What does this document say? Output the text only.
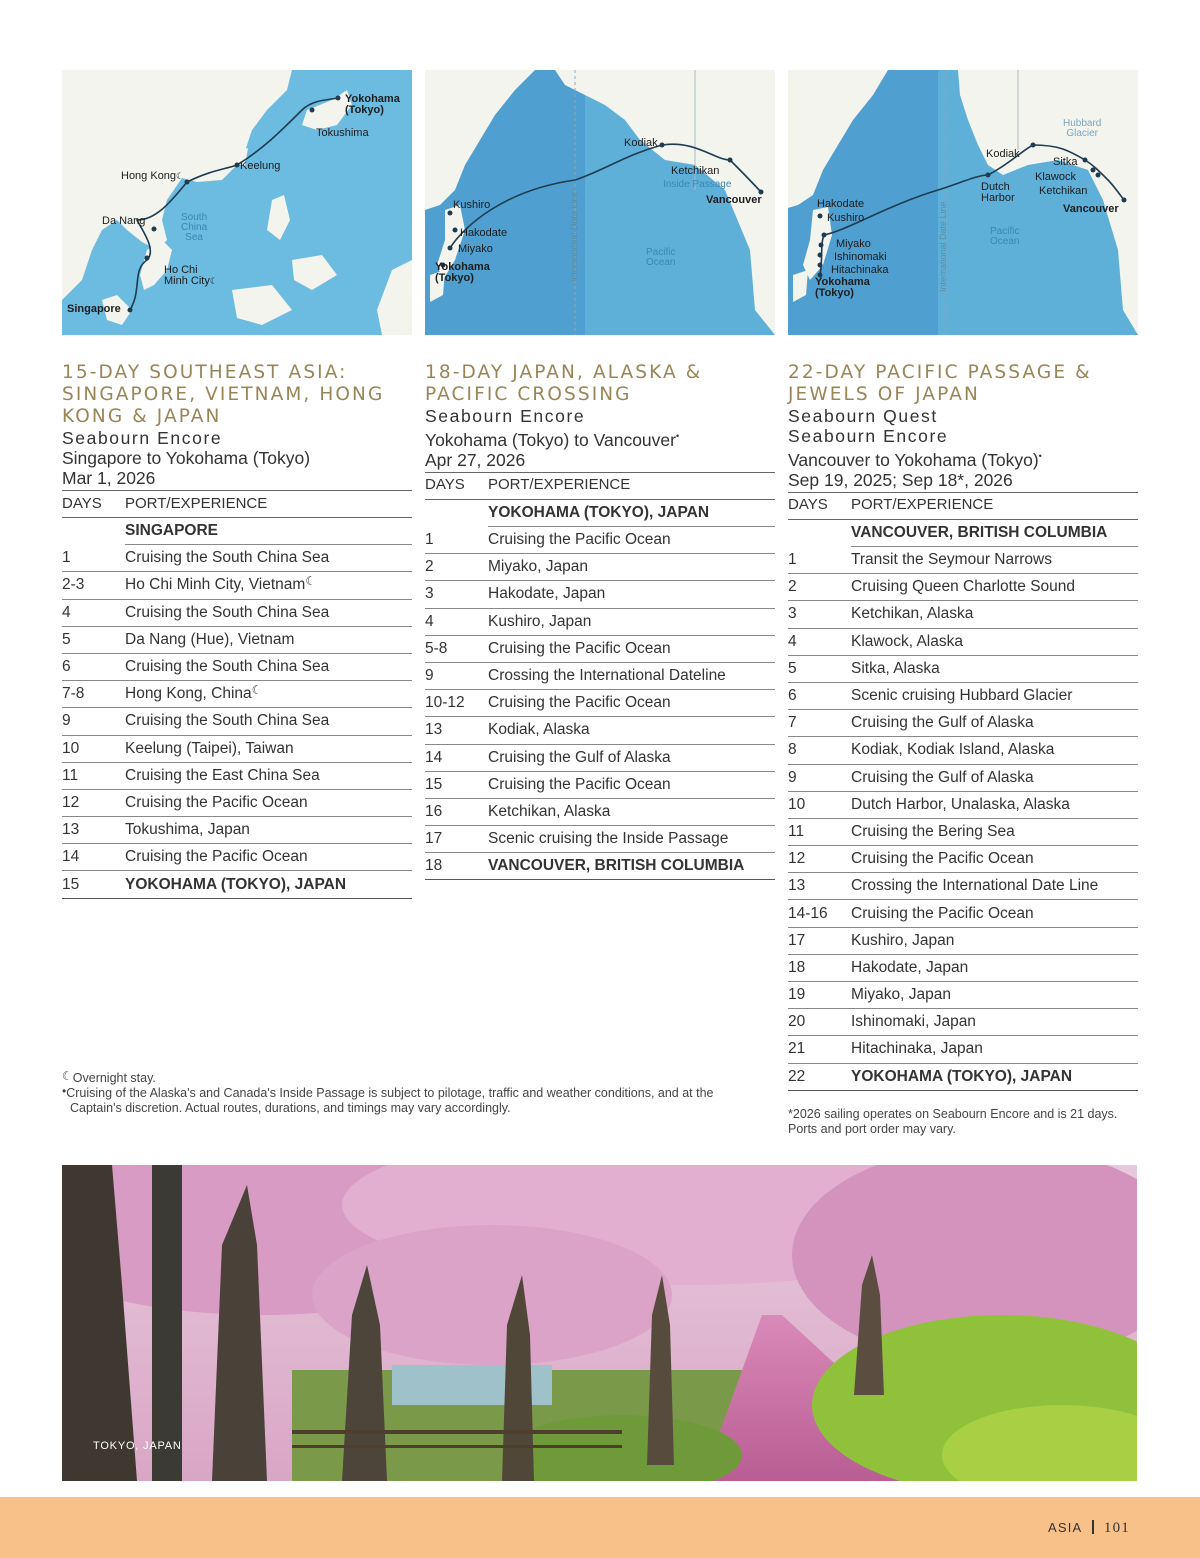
Yokohama
(Tokyo)
Tokushima
Keelung
Hong Kong☾
Da Nang	South
China
Sea
Ho Chi
Minh City☾
Singapore
Kodiak
Ketchikan
Inside Passage
Vancouver
Kushiro
Hakodate
Miyako
Yokohama
(Tokyo)	International Date Line	Pacific
Ocean
Hubbard
Glacier
Kodiak
Sitka
Klawock
Ketchikan
Dutch
Harbor
Vancouver
Hakodate
Kushiro
Miyako
Ishinomaki
Hitachinaka
Yokohama
(Tokyo)
International Date Line	Pacific
Ocean
15-DAY SOUTHEAST ASIA: SINGAPORE, VIETNAM, HONG KONG & JAPAN
Seabourn Encore
Singapore to Yokohama (Tokyo)
Mar 1, 2026
DAYS	PORT/EXPERIENCE
	SINGAPORE
1	Cruising the South China Sea
2-3	Ho Chi Minh City, Vietnam☾
4	Cruising the South China Sea
5	Da Nang (Hue), Vietnam
6	Cruising the South China Sea
7-8	Hong Kong, China☾
9	Cruising the South China Sea
10	Keelung (Taipei), Taiwan
11	Cruising the East China Sea
12	Cruising the Pacific Ocean
13	Tokushima, Japan
14	Cruising the Pacific Ocean
15	YOKOHAMA (TOKYO), JAPAN
18-DAY JAPAN, ALASKA & PACIFIC CROSSING
Seabourn Encore
Yokohama (Tokyo) to Vancouver•
Apr 27, 2026
DAYS	PORT/EXPERIENCE
	YOKOHAMA (TOKYO), JAPAN
1	Cruising the Pacific Ocean
2	Miyako, Japan
3	Hakodate, Japan
4	Kushiro, Japan
5-8	Cruising the Pacific Ocean
9	Crossing the International Dateline
10-12	Cruising the Pacific Ocean
13	Kodiak, Alaska
14	Cruising the Gulf of Alaska
15	Cruising the Pacific Ocean
16	Ketchikan, Alaska
17	Scenic cruising the Inside Passage
18	VANCOUVER, BRITISH COLUMBIA
22-DAY PACIFIC PASSAGE & JEWELS OF JAPAN
Seabourn Quest
Seabourn Encore
Vancouver to Yokohama (Tokyo)•
Sep 19, 2025; Sep 18*, 2026
DAYS	PORT/EXPERIENCE
	VANCOUVER, BRITISH COLUMBIA
1	Transit the Seymour Narrows
2	Cruising Queen Charlotte Sound
3	Ketchikan, Alaska
4	Klawock, Alaska
5	Sitka, Alaska
6	Scenic cruising Hubbard Glacier
7	Cruising the Gulf of Alaska
8	Kodiak, Kodiak Island, Alaska
9	Cruising the Gulf of Alaska
10	Dutch Harbor, Unalaska, Alaska
11	Cruising the Bering Sea
12	Cruising the Pacific Ocean
13	Crossing the International Date Line
14-16	Cruising the Pacific Ocean
17	Kushiro, Japan
18	Hakodate, Japan
19	Miyako, Japan
20	Ishinomaki, Japan
21	Hitachinaka, Japan
22	YOKOHAMA (TOKYO), JAPAN
☾Overnight stay.
•Cruising of the Alaska's and Canada's Inside Passage is subject to pilotage, traffic and weather conditions, and at the Captain's discretion. Actual routes, durations, and timings may vary accordingly.	*2026 sailing operates on Seabourn Encore and is 21 days. Ports and port order may vary.
TOKYO, JAPAN
ASIA 101
